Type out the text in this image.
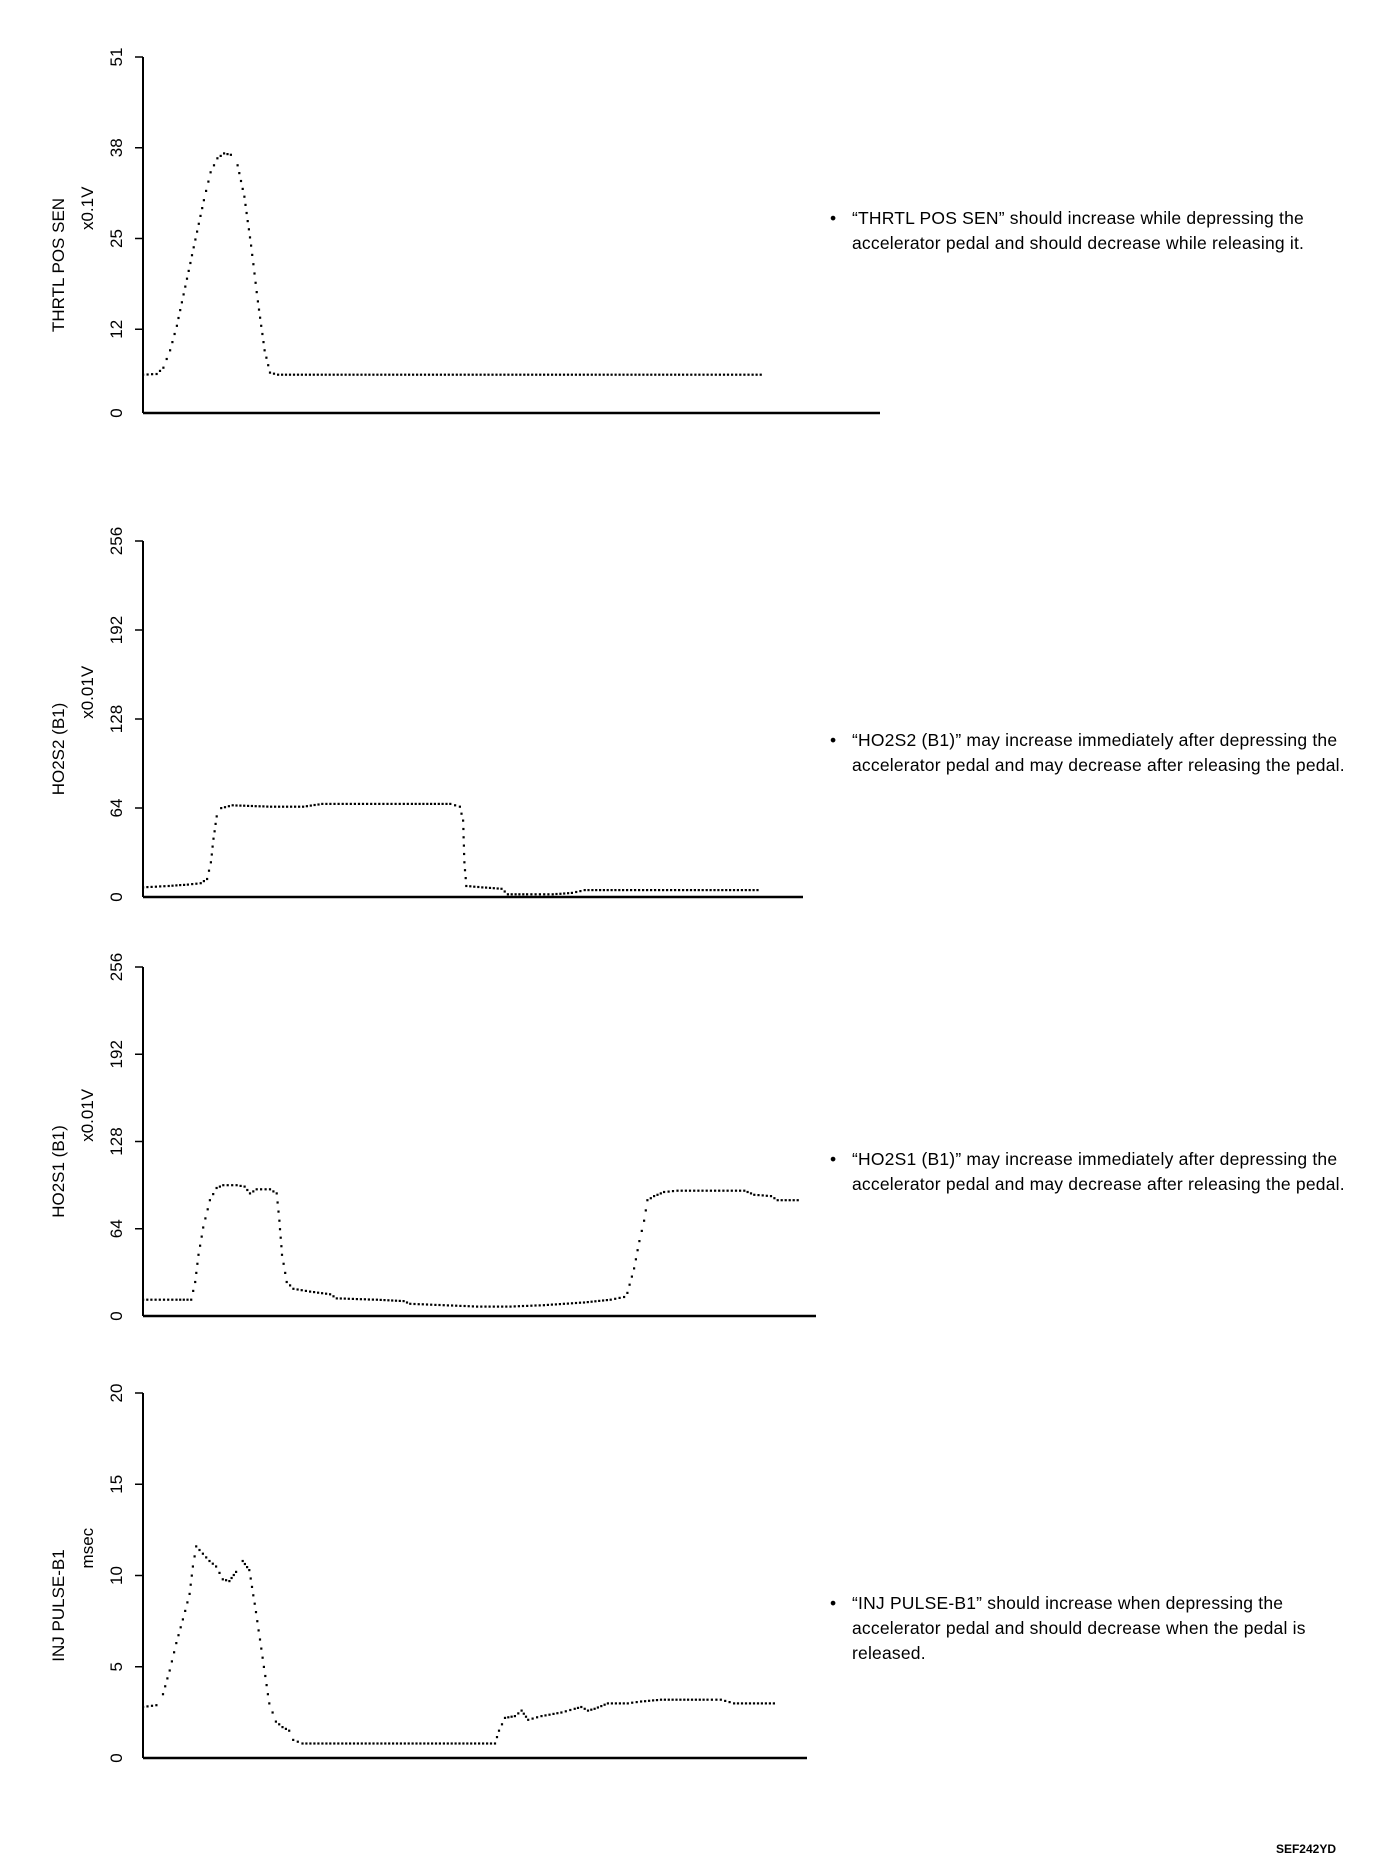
0
12
25
38
51
THRTL POS SEN x0.1V
0
64
128
192
256
HO2S2 (B1)
x0.01V
0
64
128
192
256
HO2S1 (B1)
x0.01V
0
5
10
15
20
INJ PULSE-B1
msec
• “THRTL POS SEN” should increase while depressing the accelerator pedal and should decrease while releasing it.
• “HO2S2 (B1)” may increase immediately after depressing the accelerator pedal and may decrease after releasing the pedal.
• “HO2S1 (B1)” may increase immediately after depressing the accelerator pedal and may decrease after releasing the pedal.
• “INJ PULSE-B1” should increase when depressing the accelerator pedal and should decrease when the pedal is released.
SEF242YD
